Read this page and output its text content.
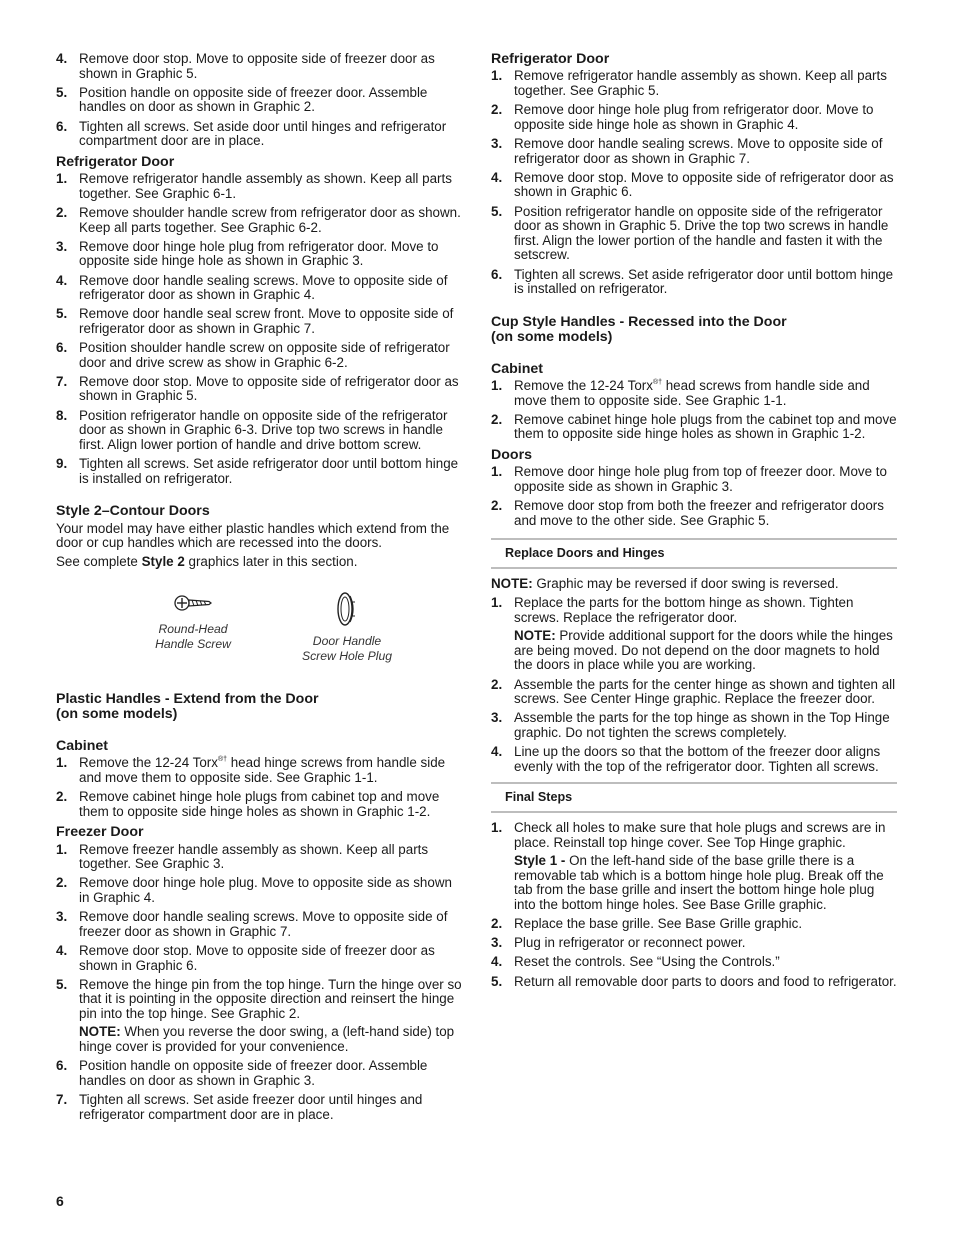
4. Remove door stop. Move to opposite side of freezer door as shown in Graphic 5.
5. Position handle on opposite side of freezer door. Assemble handles on door as shown in Graphic 2.
6. Tighten all screws. Set aside door until hinges and refrigerator compartment door are in place.
Refrigerator Door
1. Remove refrigerator handle assembly as shown. Keep all parts together. See Graphic 6-1.
2. Remove shoulder handle screw from refrigerator door as shown. Keep all parts together. See Graphic 6-2.
3. Remove door hinge hole plug from refrigerator door. Move to opposite side hinge hole as shown in Graphic 3.
4. Remove door handle sealing screws. Move to opposite side of refrigerator door as shown in Graphic 4.
5. Remove door handle seal screw front. Move to opposite side of refrigerator door as shown in Graphic 7.
6. Position shoulder handle screw on opposite side of refrigerator door and drive screw as show in Graphic 6-2.
7. Remove door stop. Move to opposite side of refrigerator door as shown in Graphic 5.
8. Position refrigerator handle on opposite side of the refrigerator door as shown in Graphic 6-3. Drive top two screws in handle first. Align lower portion of handle and drive bottom screw.
9. Tighten all screws. Set aside refrigerator door until bottom hinge is installed on refrigerator.
Style 2–Contour Doors
Your model may have either plastic handles which extend from the door or cup handles which are recessed into the doors.
See complete Style 2 graphics later in this section.
Round-Head
Handle Screw	Door Handle
Screw Hole Plug
Plastic Handles - Extend from the Door
(on some models)
Cabinet
1. Remove the 12-24 Torx®† head hinge screws from handle side and move them to opposite side. See Graphic 1-1.
2. Remove cabinet hinge hole plugs from cabinet top and move them to opposite side hinge holes as shown in Graphic 1-2.
Freezer Door
1. Remove freezer handle assembly as shown. Keep all parts together. See Graphic 3.
2. Remove door hinge hole plug. Move to opposite side as shown in Graphic 4.
3. Remove door handle sealing screws. Move to opposite side of freezer door as shown in Graphic 7.
4. Remove door stop. Move to opposite side of freezer door as shown in Graphic 6.
5. Remove the hinge pin from the top hinge. Turn the hinge over so that it is pointing in the opposite direction and reinsert the hinge pin into the top hinge. See Graphic 2.
NOTE: When you reverse the door swing, a (left-hand side) top hinge cover is provided for your convenience.
6. Position handle on opposite side of freezer door. Assemble handles on door as shown in Graphic 3.
7. Tighten all screws. Set aside freezer door until hinges and refrigerator compartment door are in place.
Refrigerator Door
1. Remove refrigerator handle assembly as shown. Keep all parts together. See Graphic 5.
2. Remove door hinge hole plug from refrigerator door. Move to opposite side hinge hole as shown in Graphic 4.
3. Remove door handle sealing screws. Move to opposite side of refrigerator door as shown in Graphic 7.
4. Remove door stop. Move to opposite side of refrigerator door as shown in Graphic 6.
5. Position refrigerator handle on opposite side of the refrigerator door as shown in Graphic 5. Drive the top two screws in handle first. Align the lower portion of the handle and fasten it with the setscrew.
6. Tighten all screws. Set aside refrigerator door until bottom hinge is installed on refrigerator.
Cup Style Handles - Recessed into the Door
(on some models)
Cabinet
1. Remove the 12-24 Torx®† head screws from handle side and move them to opposite side. See Graphic 1-1.
2. Remove cabinet hinge hole plugs from the cabinet top and move them to opposite side hinge holes as shown in Graphic 1-2.
Doors
1. Remove door hinge hole plug from top of freezer door. Move to opposite side as shown in Graphic 3.
2. Remove door stop from both the freezer and refrigerator doors and move to the other side. See Graphic 5.
Replace Doors and Hinges
NOTE: Graphic may be reversed if door swing is reversed.
1. Replace the parts for the bottom hinge as shown. Tighten screws. Replace the refrigerator door.
NOTE: Provide additional support for the doors while the hinges are being moved. Do not depend on the door magnets to hold the doors in place while you are working.
2. Assemble the parts for the center hinge as shown and tighten all screws. See Center Hinge graphic. Replace the freezer door.
3. Assemble the parts for the top hinge as shown in the Top Hinge graphic. Do not tighten the screws completely.
4. Line up the doors so that the bottom of the freezer door aligns evenly with the top of the refrigerator door. Tighten all screws.
Final Steps
1. Check all holes to make sure that hole plugs and screws are in place. Reinstall top hinge cover. See Top Hinge graphic.
Style 1 - On the left-hand side of the base grille there is a removable tab which is a bottom hinge hole plug. Break off the tab from the base grille and insert the bottom hinge hole plug into the bottom hinge holes. See Base Grille graphic.
2. Replace the base grille. See Base Grille graphic.
3. Plug in refrigerator or reconnect power.
4. Reset the controls. See “Using the Controls.”
5. Return all removable door parts to doors and food to refrigerator.
6
